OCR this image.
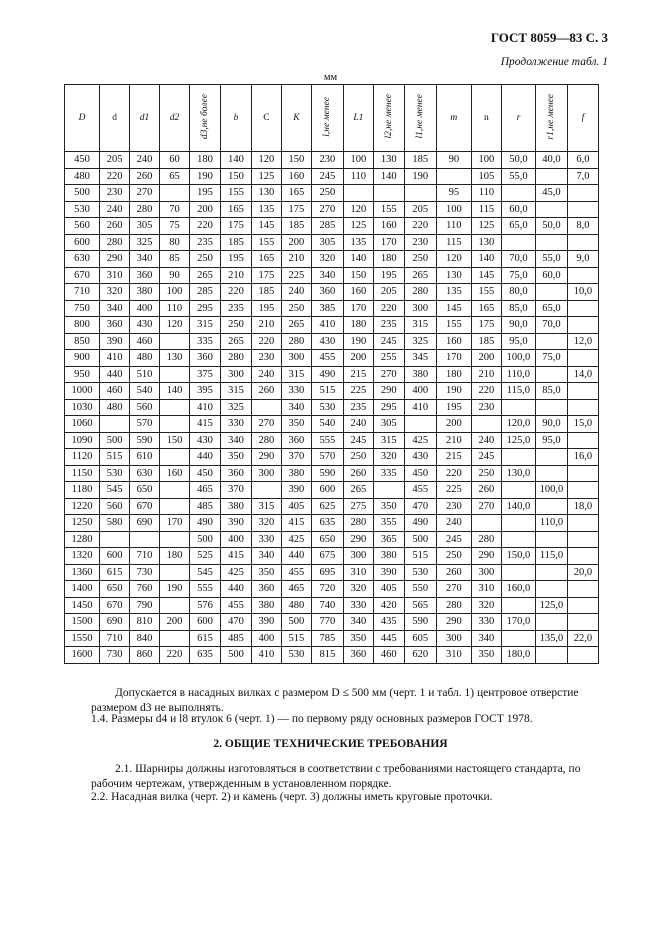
ГОСТ 8059—83 С. 3
Продолжение табл. 1
мм
D	d	d1	d2	d3,не более	b	C	K	l,не менее	L1	l2,не менее	l1,не менее	m	n	r	r1,не менее	f
450	205	240	60	180	140	120	150	230	100	130	185	90	100	50,0	40,0	6,0
480	220	260	65	190	150	125	160	245	110	140	190		105	55,0		7,0
500	230	270		195	155	130	165	250				95	110		45,0	
530	240	280	70	200	165	135	175	270	120	155	205	100	115	60,0		
560	260	305	75	220	175	145	185	285	125	160	220	110	125	65,0	50,0	8,0
600	280	325	80	235	185	155	200	305	135	170	230	115	130			
630	290	340	85	250	195	165	210	320	140	180	250	120	140	70,0	55,0	9,0
670	310	360	90	265	210	175	225	340	150	195	265	130	145	75,0	60,0	
710	320	380	100	285	220	185	240	360	160	205	280	135	155	80,0		10,0
750	340	400	110	295	235	195	250	385	170	220	300	145	165	85,0	65,0	
800	360	430	120	315	250	210	265	410	180	235	315	155	175	90,0	70,0	
850	390	460		335	265	220	280	430	190	245	325	160	185	95,0		12,0
900	410	480	130	360	280	230	300	455	200	255	345	170	200	100,0	75,0	
950	440	510		375	300	240	315	490	215	270	380	180	210	110,0		14,0
1000	460	540	140	395	315	260	330	515	225	290	400	190	220	115,0	85,0	
1030	480	560		410	325		340	530	235	295	410	195	230			
1060		570		415	330	270	350	540	240	305		200		120,0	90,0	15,0
1090	500	590	150	430	340	280	360	555	245	315	425	210	240	125,0	95,0	
1120	515	610		440	350	290	370	570	250	320	430	215	245			16,0
1150	530	630	160	450	360	300	380	590	260	335	450	220	250	130,0		
1180	545	650		465	370		390	600	265		455	225	260		100,0	
1220	560	670		485	380	315	405	625	275	350	470	230	270	140,0		18,0
1250	580	690	170	490	390	320	415	635	280	355	490	240			110,0	
1280				500	400	330	425	650	290	365	500	245	280			
1320	600	710	180	525	415	340	440	675	300	380	515	250	290	150,0	115,0	
1360	615	730		545	425	350	455	695	310	390	530	260	300			20,0
1400	650	760	190	555	440	360	465	720	320	405	550	270	310	160,0		
1450	670	790		576	455	380	480	740	330	420	565	280	320		125,0	
1500	690	810	200	600	470	390	500	770	340	435	590	290	330	170,0		
1550	710	840		615	485	400	515	785	350	445	605	300	340		135,0	22,0
1600	730	860	220	635	500	410	530	815	360	460	620	310	350	180,0		
Допускается в насадных вилках с размером D ≤ 500 мм (черт. 1 и табл. 1) центровое отверстие размером d3 не выполнять.
1.4. Размеры d4 и l8 втулок 6 (черт. 1) — по первому ряду основных размеров ГОСТ 1978.
2. ОБЩИЕ ТЕХНИЧЕСКИЕ ТРЕБОВАНИЯ
2.1. Шарниры должны изготовляться в соответствии с требованиями настоящего стандарта, по рабочим чертежам, утвержденным в установленном порядке.
2.2. Насадная вилка (черт. 2) и камень (черт. 3) должны иметь круговые проточки.
